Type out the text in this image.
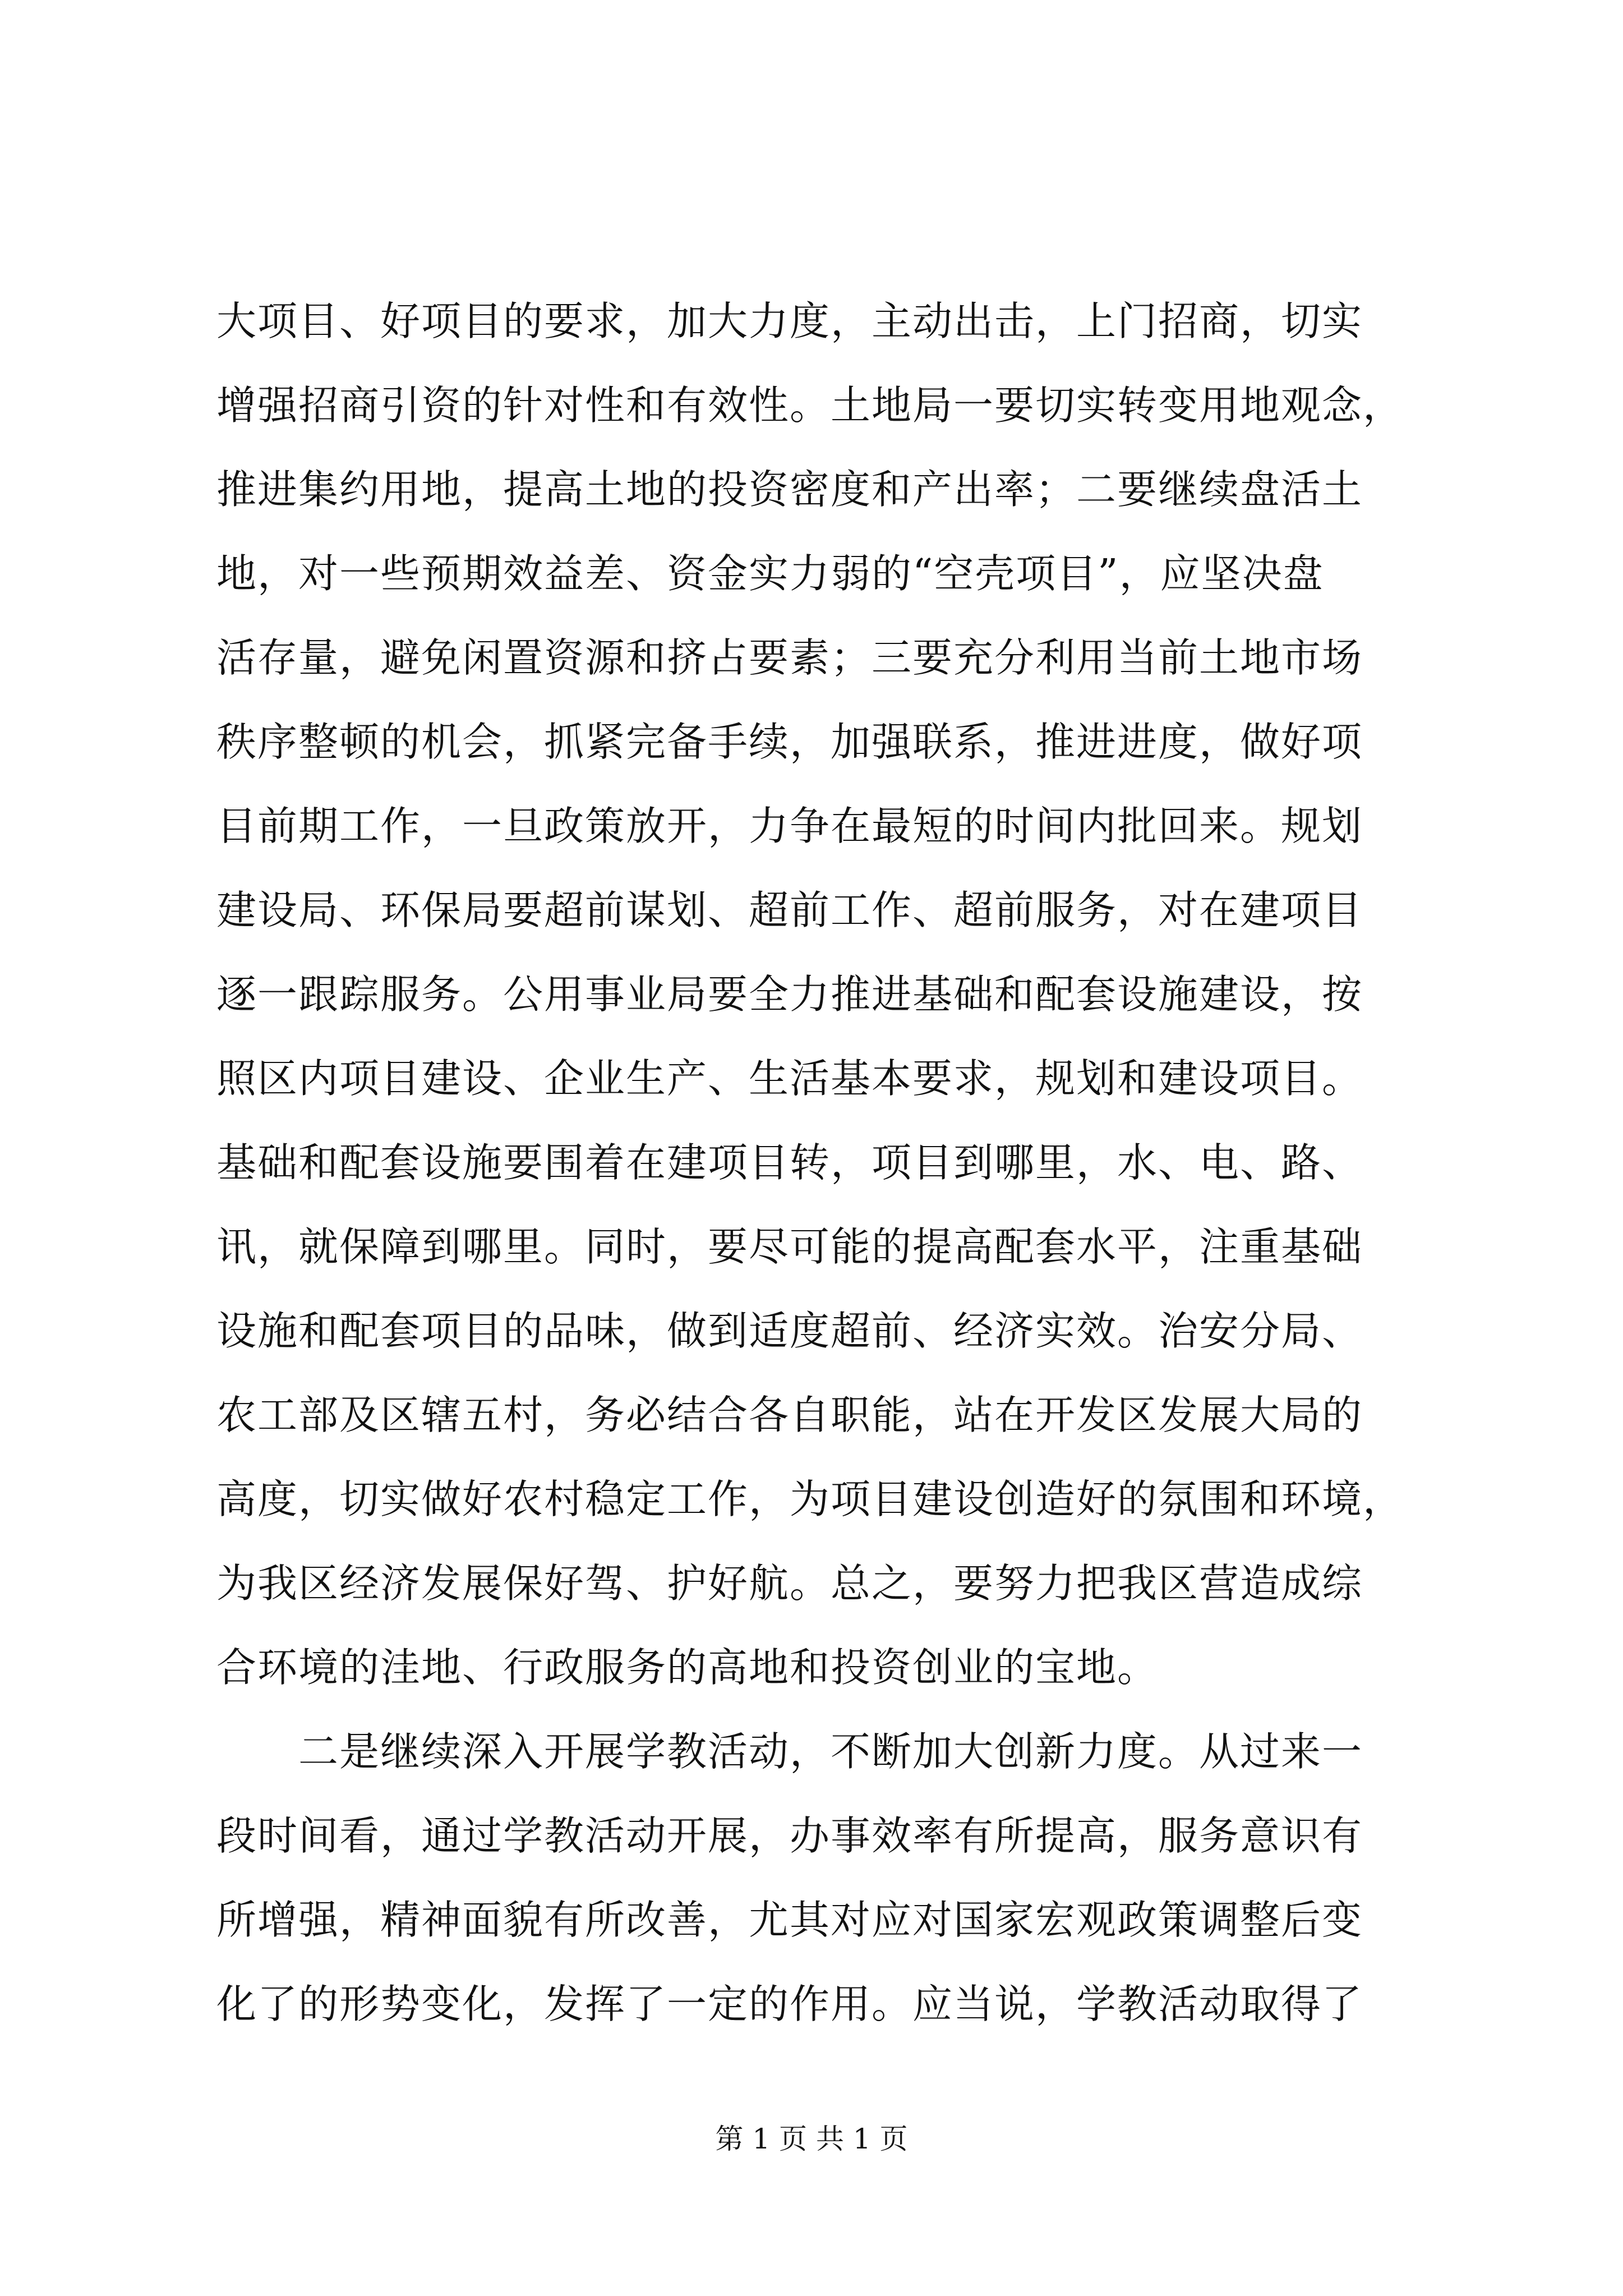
大项目、好项目的要求，加大力度，主动出击，上门招商，切实
增强招商引资的针对性和有效性。土地局一要切实转变用地观念，
推进集约用地，提高土地的投资密度和产出率；二要继续盘活土
地，对一些预期效益差、资金实力弱的“空壳项目”，应坚决盘
活存量，避免闲置资源和挤占要素；三要充分利用当前土地市场
秩序整顿的机会，抓紧完备手续，加强联系，推进进度，做好项
目前期工作，一旦政策放开，力争在最短的时间内批回来。规划
建设局、环保局要超前谋划、超前工作、超前服务，对在建项目
逐一跟踪服务。公用事业局要全力推进基础和配套设施建设，按
照区内项目建设、企业生产、生活基本要求，规划和建设项目。
基础和配套设施要围着在建项目转，项目到哪里，水、电、路、
讯，就保障到哪里。同时，要尽可能的提高配套水平，注重基础
设施和配套项目的品味，做到适度超前、经济实效。治安分局、
农工部及区辖五村，务必结合各自职能，站在开发区发展大局的
高度，切实做好农村稳定工作，为项目建设创造好的氛围和环境，
为我区经济发展保好驾、护好航。总之，要努力把我区营造成综
合环境的洼地、行政服务的高地和投资创业的宝地。
　　二是继续深入开展学教活动，不断加大创新力度。从过来一
段时间看，通过学教活动开展，办事效率有所提高，服务意识有
所增强，精神面貌有所改善，尤其对应对国家宏观政策调整后变
化了的形势变化，发挥了一定的作用。应当说，学教活动取得了
第 1 页 共 1 页
